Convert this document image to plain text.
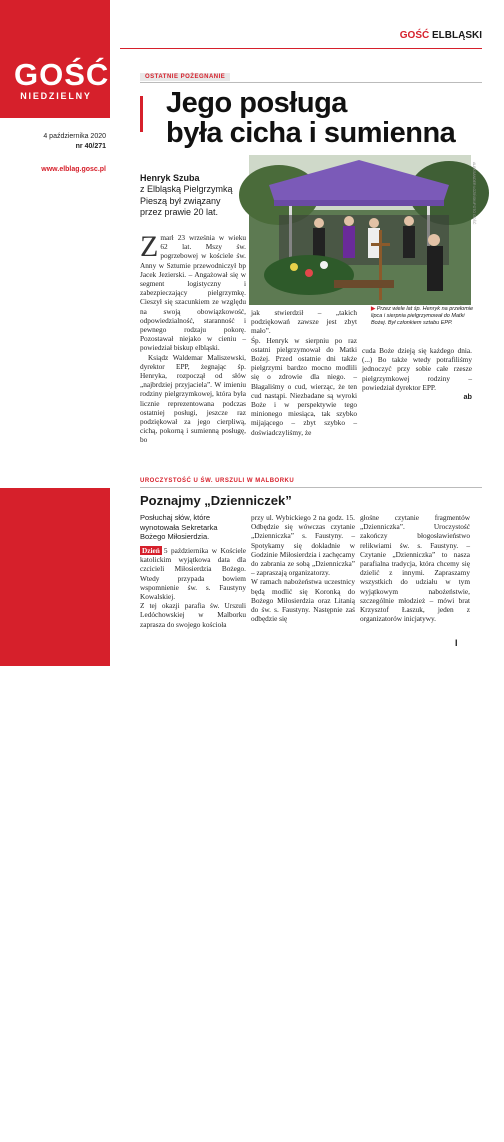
GOŚĆ
NIEDZIELNY
4 października 2020
nr 40/271
www.elblag.gosc.pl
Diecezja elbląska
GOŚĆ ELBLĄSKI
OSTATNIE POŻEGNANIE
Jego posługa
była cicha i sumienna
Henryk Szuba
z Elbląską Pielgrzymką Pieszą był związany przez prawie 20 lat.	ALEKSANDER ŁOZIŃSKI/FOTO GOŚĆ
▶ Przez wiele lat śp. Henryk na przełomie lipca i sierpnia pielgrzymował do Matki Bożej. Był członkiem sztabu EPP.
Zmarł 23 września w wieku 62 lat. Mszy św. pogrzebowej w kościele św. Anny w Sztumie przewodniczył bp Jacek Jezierski. – Angażował się w segment logistyczny i zabezpieczający pielgrzymkę. Cieszył się szacunkiem ze względu na swoją obowiązkowość, odpowiedzialność, staranność i pewnego rodzaju pokorę. Pozostawał niejako w cieniu – powiedział biskup elbląski.
Ksiądz Waldemar Maliszewski, dyrektor EPP, żegnając śp. Henryka, rozpoczął od słów „najbrdziej przyjaciela”. W imieniu rodziny pielgrzymkowej, która była licznie reprezentowana podczas ostatniej posługi, jeszcze raz podziękował za jego cierpliwą, cichą, pokorną i sumienną posługę, bo
jak stwierdził – „takich podziękowań zawsze jest zbyt mało”.
Śp. Henryk w sierpniu po raz ostatni pielgrzymował do Matki Bożej. Przed ostatnie dni także pielgrzymi bardzo mocno modlili się o zdrowie dla niego. – Błagaliśmy o cud, wierząc, że ten cud nastąpi. Niezbadane są wyroki Boże i w perspektywie tego minionego miesiąca, tak szybko mijającego – zbyt szybko – doświadczyliśmy, że
cuda Boże dzieją się każdego dnia. (...) Bo także wtedy potrafiliśmy jednoczyć przy sobie całe rzesze pielgrzymkowej rodziny – powiedział dyrektor EPP.
ab
UROCZYSTOŚĆ U ŚW. URSZULI W MALBORKU
Poznajmy „Dzienniczek”
Posłuchaj słów, które wynotowała Sekretarka Bożego Miłosierdzia.
Dzień 5 października w Kościele katolickim wyjątkowa data dla czcicieli Miłosierdzia Bożego. Wtedy przypada bowiem wspomnienie św. s. Faustyny Kowalskiej.
Z tej okazji parafia św. Urszuli Ledóchowskiej w Malborku zaprasza do swojego kościoła
przy ul. Wybickiego 2 na godz. 15. Odbędzie się wówczas czytanie „Dzienniczka” s. Faustyny. – Spotykamy się dokładnie w Godzinie Miłosierdzia i zachęcamy do zabrania ze sobą „Dzienniczka” – zapraszają organizatorzy.
W ramach nabożeństwa uczestnicy będą modlić się Koronką do Bożego Miłosierdzia oraz Litanią do św. s. Faustyny. Następnie zaś odbędzie się
głośne czytanie fragmentów „Dzienniczka”. Uroczystość zakończy błogosławieństwo relikwiami św. s. Faustyny. – Czytanie „Dzienniczka” to nasza parafialna tradycja, która chcemy się dzielić z innymi. Zapraszamy wszystkich do udziału w tym wyjątkowym nabożeństwie, szczególnie młodzież – mówi brat Krzysztof Łaszuk, jeden z organizatorów inicjatywy.
I
